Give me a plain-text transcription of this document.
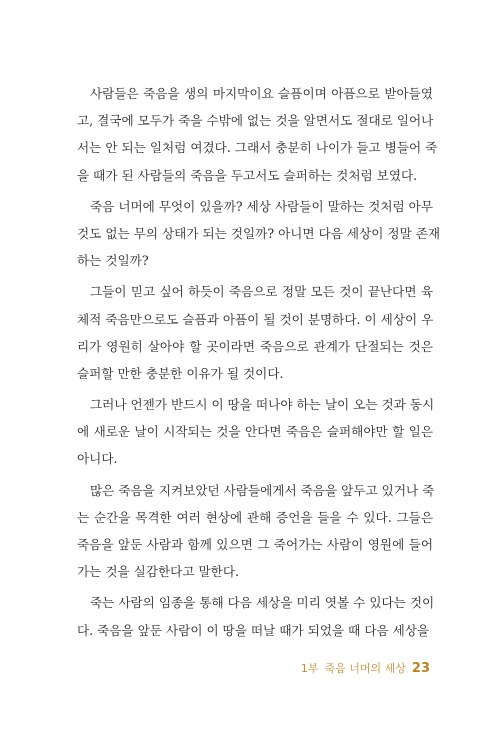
사람들은 죽음을 생의 마지막이요 슬픔이며 아픔으로 받아들였
고, 결국에 모두가 죽을 수밖에 없는 것을 알면서도 절대로 일어나
서는 안 되는 일처럼 여겼다. 그래서 충분히 나이가 들고 병들어 죽
을 때가 된 사람들의 죽음을 두고서도 슬퍼하는 것처럼 보였다.
죽음 너머에 무엇이 있을까? 세상 사람들이 말하는 것처럼 아무
것도 없는 무의 상태가 되는 것일까? 아니면 다음 세상이 정말 존재
하는 것일까?
그들이 믿고 싶어 하듯이 죽음으로 정말 모든 것이 끝난다면 육
체적 죽음만으로도 슬픔과 아픔이 될 것이 분명하다. 이 세상이 우
리가 영원히 살아야 할 곳이라면 죽음으로 관계가 단절되는 것은
슬퍼할 만한 충분한 이유가 될 것이다.
그러나 언젠가 반드시 이 땅을 떠나야 하는 날이 오는 것과 동시
에 새로운 날이 시작되는 것을 안다면 죽음은 슬퍼해야만 할 일은
아니다.
많은 죽음을 지켜보았던 사람들에게서 죽음을 앞두고 있거나 죽
는 순간을 목격한 여러 현상에 관해 증언을 들을 수 있다. 그들은
죽음을 앞둔 사람과 함께 있으면 그 죽어가는 사람이 영원에 들어
가는 것을 실감한다고 말한다.
죽는 사람의 임종을 통해 다음 세상을 미리 엿볼 수 있다는 것이
다. 죽음을 앞둔 사람이 이 땅을 떠날 때가 되었을 때 다음 세상을
1부 죽음 너머의 세상 23
